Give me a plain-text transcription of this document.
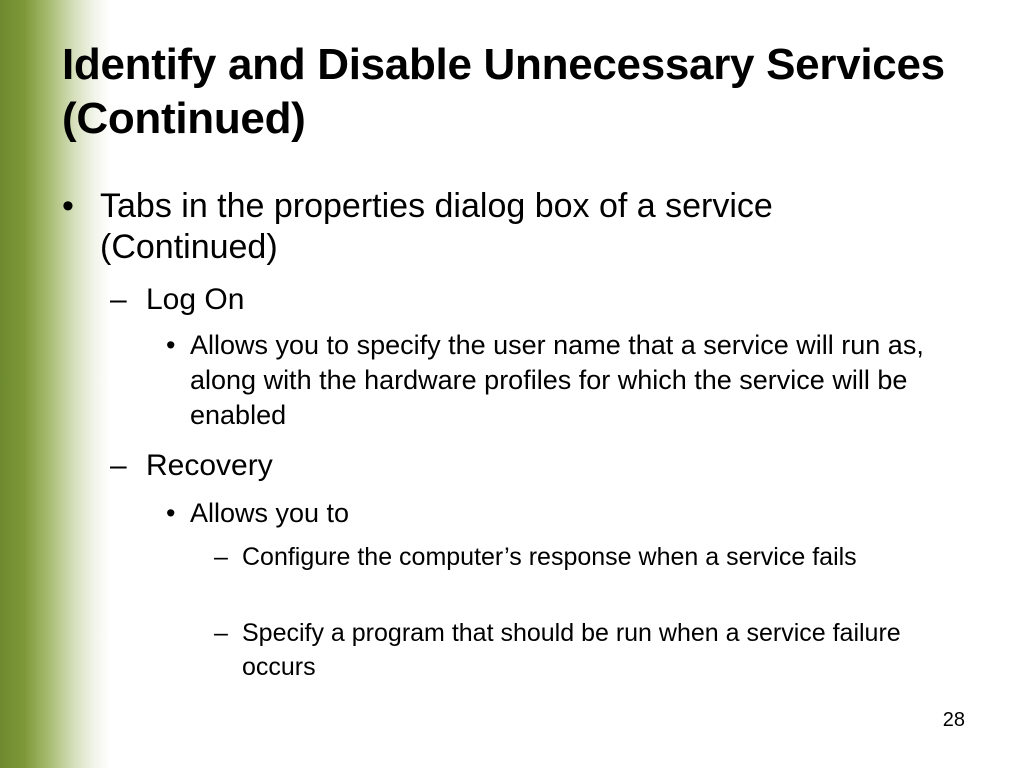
Identify and Disable Unnecessary Services (Continued)
• Tabs in the properties dialog box of a service (Continued)
– Log On
• Allows you to specify the user name that a service will run as, along with the hardware profiles for which the service will be enabled
– Recovery
• Allows you to
– Configure the computer’s response when a service fails
– Specify a program that should be run when a service failure occurs
28
